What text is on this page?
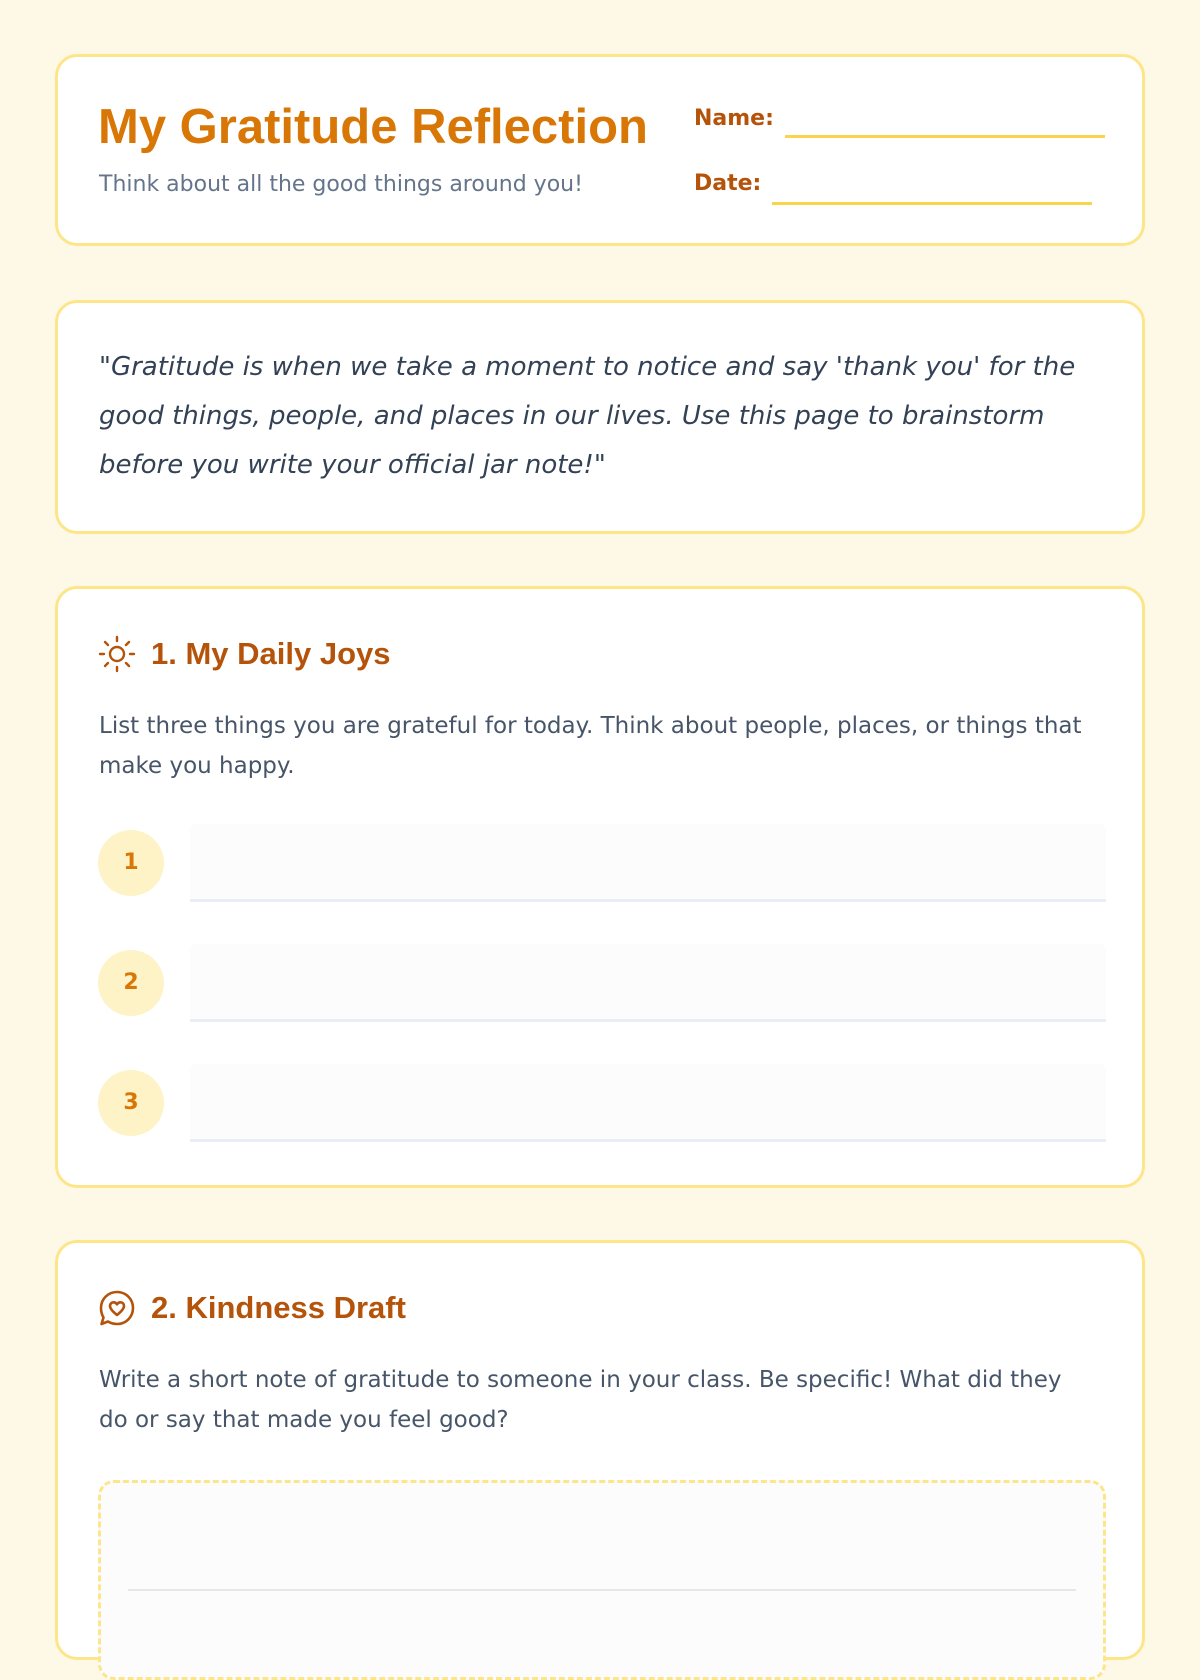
My Gratitude Reflection
Think about all the good things around you!
Name:
Date:

"Gratitude is when we take a moment to notice and say 'thank you' for the good things, people, and places in our lives. Use this page to brainstorm before you write your official jar note!"

1. My Daily Joys

List three things you are grateful for today. Think about people, places, or things that make you happy.

1
2
3
2. Kindness Draft

Write a short note of gratitude to someone in your class. Be specific! What did they do or say that made you feel good?
